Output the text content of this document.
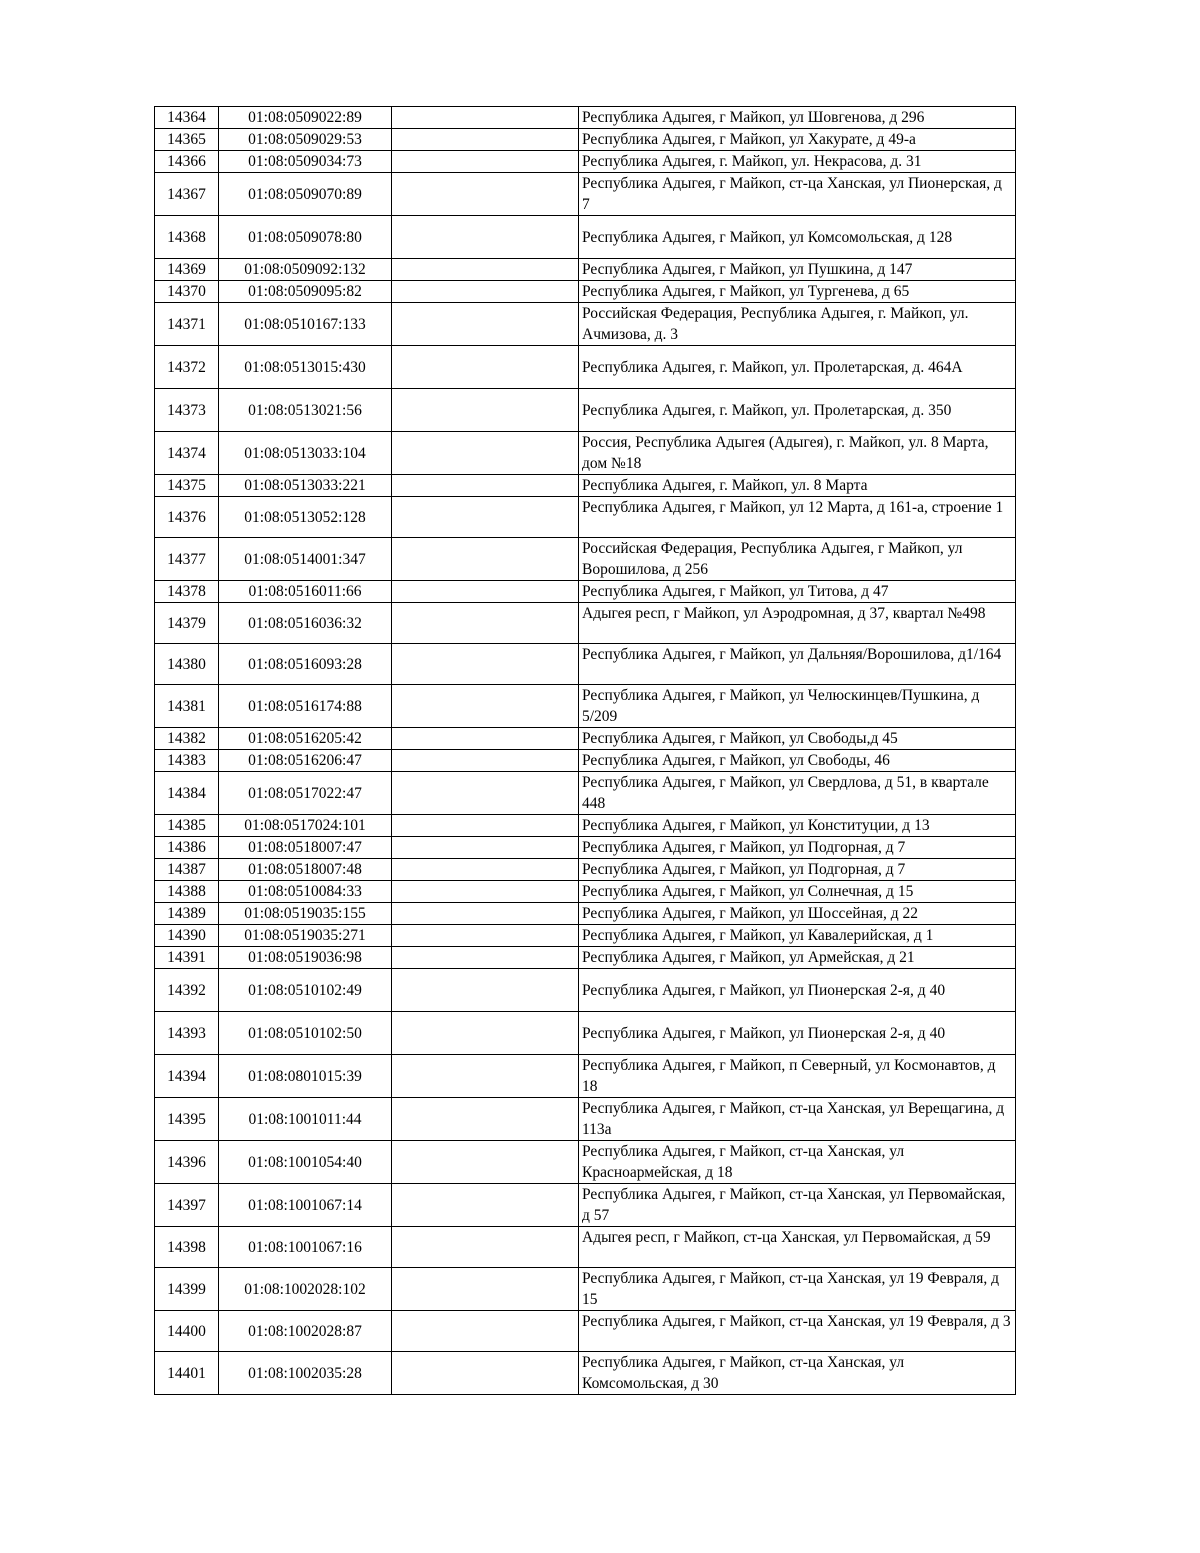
14364	01:08:0509022:89		Республика Адыгея, г Майкоп, ул Шовгенова, д 296
14365	01:08:0509029:53		Республика Адыгея, г Майкоп, ул Хакурате, д 49-а
14366	01:08:0509034:73		Республика Адыгея, г. Майкоп, ул. Некрасова, д. 31
14367	01:08:0509070:89		Республика Адыгея, г Майкоп, ст-ца Ханская, ул Пионерская, д 7
14368	01:08:0509078:80		Республика Адыгея, г Майкоп, ул Комсомольская, д 128
14369	01:08:0509092:132		Республика Адыгея, г Майкоп, ул Пушкина, д 147
14370	01:08:0509095:82		Республика Адыгея, г Майкоп, ул Тургенева, д 65
14371	01:08:0510167:133		Российская Федерация, Республика Адыгея, г. Майкоп, ул. Ачмизова, д. 3
14372	01:08:0513015:430		Республика Адыгея, г. Майкоп, ул. Пролетарская, д. 464А
14373	01:08:0513021:56		Республика Адыгея, г. Майкоп, ул. Пролетарская, д. 350
14374	01:08:0513033:104		Россия, Республика Адыгея (Адыгея), г. Майкоп, ул. 8 Марта, дом №18
14375	01:08:0513033:221		Республика Адыгея, г. Майкоп, ул. 8 Марта
14376	01:08:0513052:128		Республика Адыгея, г Майкоп, ул 12 Марта, д 161-а, строение 1
14377	01:08:0514001:347		Российская Федерация, Республика Адыгея, г Майкоп, ул Ворошилова, д 256
14378	01:08:0516011:66		Республика Адыгея, г Майкоп, ул Титова, д 47
14379	01:08:0516036:32		Адыгея респ, г Майкоп, ул Аэродромная, д 37, квартал №498
14380	01:08:0516093:28		Республика Адыгея, г Майкоп, ул Дальняя/Ворошилова, д1/164
14381	01:08:0516174:88		Республика Адыгея, г Майкоп, ул Челюскинцев/Пушкина, д 5/209
14382	01:08:0516205:42		Республика Адыгея, г Майкоп, ул Свободы,д 45
14383	01:08:0516206:47		Республика Адыгея, г Майкоп, ул Свободы, 46
14384	01:08:0517022:47		Республика Адыгея, г Майкоп, ул Свердлова, д 51, в квартале 448
14385	01:08:0517024:101		Республика Адыгея, г Майкоп, ул Конституции, д 13
14386	01:08:0518007:47		Республика Адыгея, г Майкоп, ул Подгорная, д 7
14387	01:08:0518007:48		Республика Адыгея, г Майкоп, ул Подгорная, д 7
14388	01:08:0510084:33		Республика Адыгея, г Майкоп, ул Солнечная, д 15
14389	01:08:0519035:155		Республика Адыгея, г Майкоп, ул Шоссейная, д 22
14390	01:08:0519035:271		Республика Адыгея, г Майкоп, ул Кавалерийская, д 1
14391	01:08:0519036:98		Республика Адыгея, г Майкоп, ул Армейская, д 21
14392	01:08:0510102:49		Республика Адыгея, г Майкоп, ул Пионерская 2-я, д 40
14393	01:08:0510102:50		Республика Адыгея, г Майкоп, ул Пионерская 2-я, д 40
14394	01:08:0801015:39		Республика Адыгея, г Майкоп, п Северный, ул Космонавтов, д 18
14395	01:08:1001011:44		Республика Адыгея, г Майкоп, ст-ца Ханская, ул Верещагина, д 113а
14396	01:08:1001054:40		Республика Адыгея, г Майкоп, ст-ца Ханская, ул Красноармейская, д 18
14397	01:08:1001067:14		Республика Адыгея, г Майкоп, ст-ца Ханская, ул Первомайская, д 57
14398	01:08:1001067:16		Адыгея респ, г Майкоп, ст-ца Ханская, ул Первомайская, д 59
14399	01:08:1002028:102		Республика Адыгея, г Майкоп, ст-ца Ханская, ул 19 Февраля, д 15
14400	01:08:1002028:87		Республика Адыгея, г Майкоп, ст-ца Ханская, ул 19 Февраля, д 3
14401	01:08:1002035:28		Республика Адыгея, г Майкоп, ст-ца Ханская, ул Комсомольская, д 30
